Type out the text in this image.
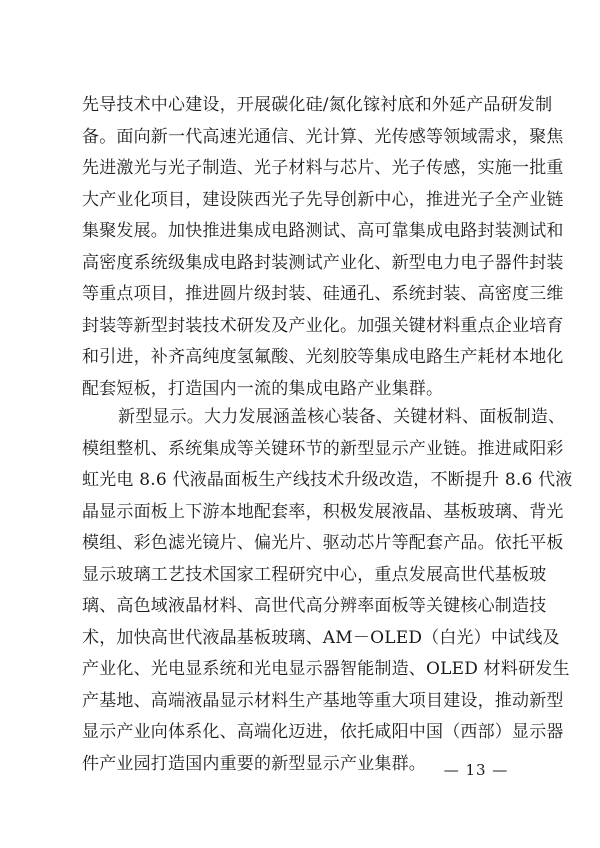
先导技术中心建设，开展碳化硅/氮化镓衬底和外延产品研发制
备。面向新一代高速光通信、光计算、光传感等领域需求，聚焦
先进激光与光子制造、光子材料与芯片、光子传感，实施一批重
大产业化项目，建设陕西光子先导创新中心，推进光子全产业链
集聚发展。加快推进集成电路测试、高可靠集成电路封装测试和
高密度系统级集成电路封装测试产业化、新型电力电子器件封装
等重点项目，推进圆片级封装、硅通孔、系统封装、高密度三维
封装等新型封装技术研发及产业化。加强关键材料重点企业培育
和引进，补齐高纯度氢氟酸、光刻胶等集成电路生产耗材本地化
配套短板，打造国内一流的集成电路产业集群。
新型显示。大力发展涵盖核心装备、关键材料、面板制造、
模组整机、系统集成等关键环节的新型显示产业链。推进咸阳彩
虹光电 8.6 代液晶面板生产线技术升级改造，不断提升 8.6 代液
晶显示面板上下游本地配套率，积极发展液晶、基板玻璃、背光
模组、彩色滤光镜片、偏光片、驱动芯片等配套产品。依托平板
显示玻璃工艺技术国家工程研究中心，重点发展高世代基板玻
璃、高色域液晶材料、高世代高分辨率面板等关键核心制造技
术，加快高世代液晶基板玻璃、AM－OLED（白光）中试线及
产业化、光电显系统和光电显示器智能制造、OLED 材料研发生
产基地、高端液晶显示材料生产基地等重大项目建设，推动新型
显示产业向体系化、高端化迈进，依托咸阳中国（西部）显示器
件产业园打造国内重要的新型显示产业集群。	— 13 —
